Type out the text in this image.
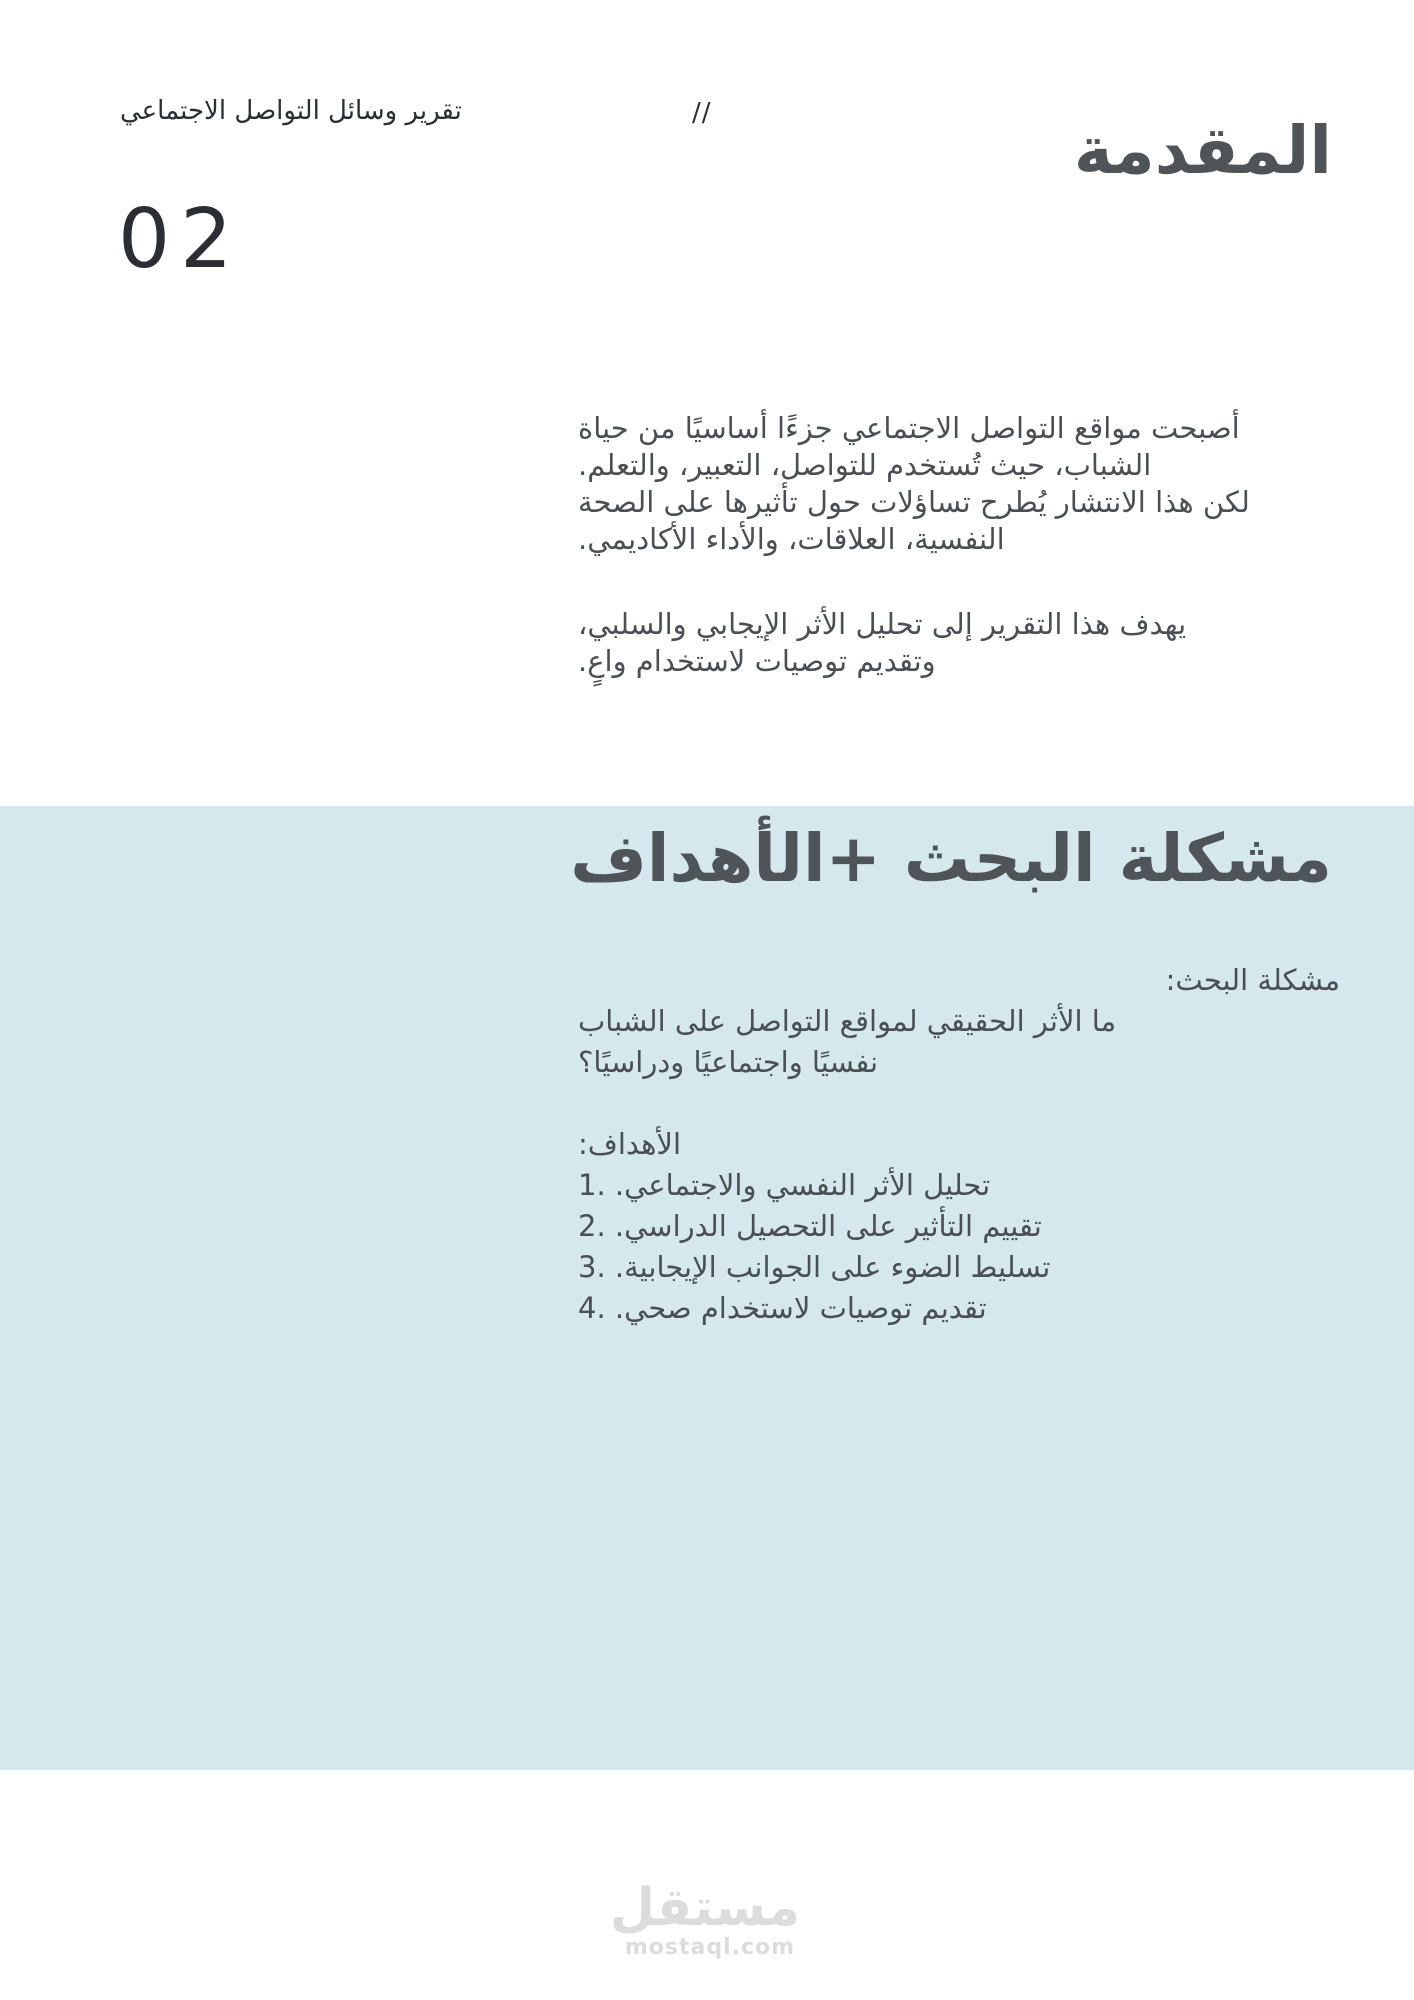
تقرير وسائل التواصل الاجتماعي	//
02
المقدمة

أصبحت مواقع التواصل الاجتماعي جزءًا أساسيًا من حياة

الشباب، حيث تُستخدم للتواصل، التعبير، والتعلم.

لكن هذا الانتشار يُطرح تساؤلات حول تأثيرها على الصحة

النفسية، العلاقات، والأداء الأكاديمي.

يهدف هذا التقرير إلى تحليل الأثر الإيجابي والسلبي،

وتقديم توصيات لاستخدام واعٍ.

مشكلة البحث +الأهداف

مشكلة البحث:

ما الأثر الحقيقي لمواقع التواصل على الشباب

نفسيًا واجتماعيًا ودراسيًا؟

الأهداف:

1. تحليل الأثر النفسي والاجتماعي.

2. تقييم التأثير على التحصيل الدراسي.

3. تسليط الضوء على الجوانب الإيجابية.

4. تقديم توصيات لاستخدام صحي.

مستقل
mostaql.com
